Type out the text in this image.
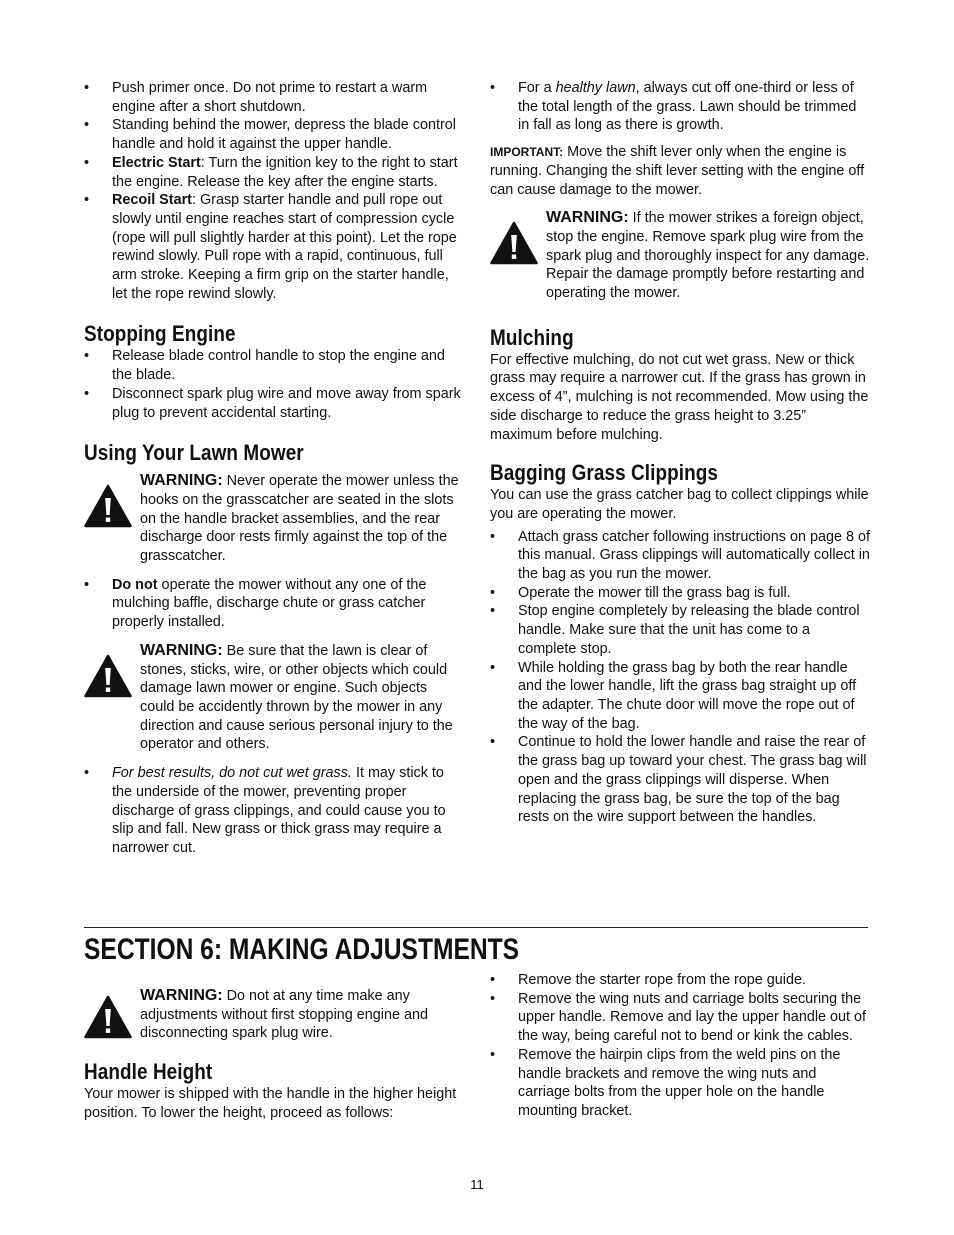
• Push primer once. Do not prime to restart a warm engine after a short shutdown.
• Standing behind the mower, depress the blade control handle and hold it against the upper handle.
• Electric Start: Turn the ignition key to the right to start the engine. Release the key after the engine starts.
• Recoil Start: Grasp starter handle and pull rope out slowly until engine reaches start of compression cycle (rope will pull slightly harder at this point). Let the rope rewind slowly. Pull rope with a rapid, continuous, full arm stroke. Keeping a firm grip on the starter handle, let the rope rewind slowly.
Stopping Engine
• Release blade control handle to stop the engine and the blade.
• Disconnect spark plug wire and move away from spark plug to prevent accidental starting.
Using Your Lawn Mower

WARNING: Never operate the mower unless the hooks on the grasscatcher are seated in the slots on the handle bracket assemblies, and the rear discharge door rests firmly against the top of the grasscatcher.

• Do not operate the mower without any one of the mulching baffle, discharge chute or grass catcher properly installed.

WARNING: Be sure that the lawn is clear of stones, sticks, wire, or other objects which could damage lawn mower or engine. Such objects could be accidently thrown by the mower in any direction and cause serious personal injury to the operator and others.

• For best results, do not cut wet grass. It may stick to the underside of the mower, preventing proper discharge of grass clippings, and could cause you to slip and fall. New grass or thick grass may require a narrower cut.
• For a healthy lawn, always cut off one-third or less of the total length of the grass. Lawn should be trimmed in fall as long as there is growth.

IMPORTANT: Move the shift lever only when the engine is running. Changing the shift lever setting with the engine off can cause damage to the mower.

WARNING: If the mower strikes a foreign object, stop the engine. Remove spark plug wire from the spark plug and thoroughly inspect for any damage. Repair the damage promptly before restarting and operating the mower.

Mulching

For effective mulching, do not cut wet grass. New or thick grass may require a narrower cut. If the grass has grown in excess of 4”, mulching is not recommended. Mow using the side discharge to reduce the grass height to 3.25” maximum before mulching.

Bagging Grass Clippings

You can use the grass catcher bag to collect clippings while you are operating the mower.

• Attach grass catcher following instructions on page 8 of this manual. Grass clippings will automatically collect in the bag as you run the mower.
• Operate the mower till the grass bag is full.
• Stop engine completely by releasing the blade control handle. Make sure that the unit has come to a complete stop.
• While holding the grass bag by both the rear handle and the lower handle, lift the grass bag straight up off the adapter. The chute door will move the rope out of the way of the bag.
• Continue to hold the lower handle and raise the rear of the grass bag up toward your chest. The grass bag will open and the grass clippings will disperse. When replacing the grass bag, be sure the top of the bag rests on the wire support between the handles.
SECTION 6: MAKING ADJUSTMENTS

WARNING: Do not at any time make any adjustments without first stopping engine and disconnecting spark plug wire.

Handle Height

Your mower is shipped with the handle in the higher height position. To lower the height, proceed as follows:

• Remove the starter rope from the rope guide.
• Remove the wing nuts and carriage bolts securing the upper handle. Remove and lay the upper handle out of the way, being careful not to bend or kink the cables.
• Remove the hairpin clips from the weld pins on the handle brackets and remove the wing nuts and carriage bolts from the upper hole on the handle mounting bracket.
11
